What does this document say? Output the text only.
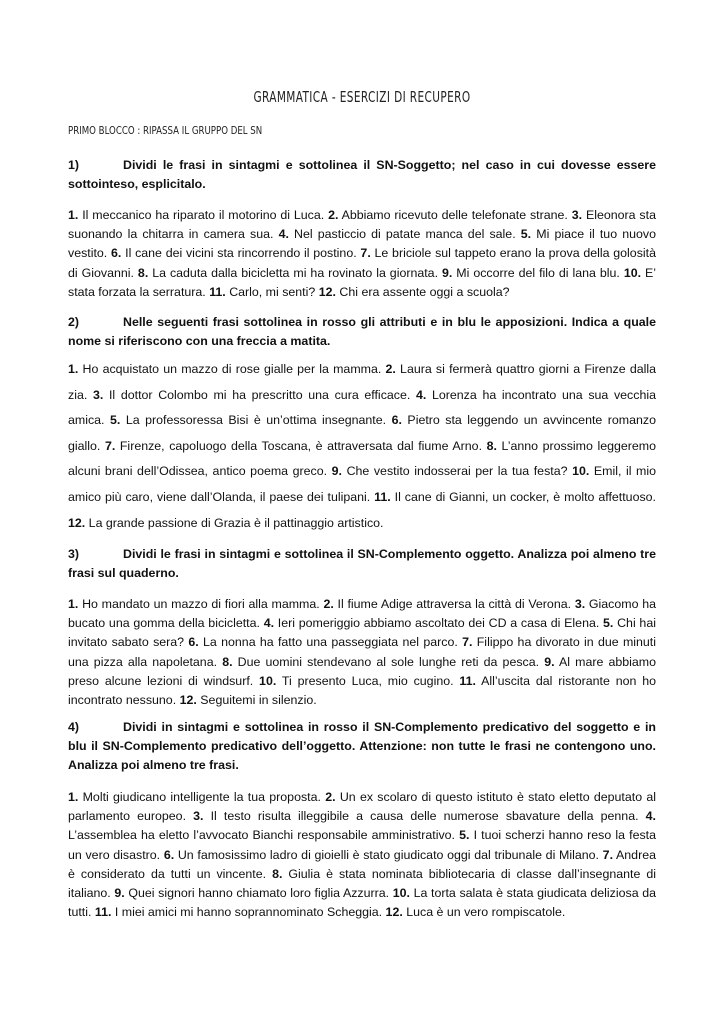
GRAMMATICA - ESERCIZI DI RECUPERO
PRIMO BLOCCO : RIPASSA IL GRUPPO DEL SN
1)	Dividi le frasi in sintagmi e sottolinea il SN-Soggetto; nel caso in cui dovesse essere sottointeso, esplicitalo.
1. Il meccanico ha riparato il motorino di Luca. 2. Abbiamo ricevuto delle telefonate strane. 3. Eleonora sta suonando la chitarra in camera sua. 4. Nel pasticcio di patate manca del sale. 5. Mi piace il tuo nuovo vestito. 6. Il cane dei vicini sta rincorrendo il postino. 7. Le briciole sul tappeto erano la prova della golosità di Giovanni. 8. La caduta dalla bicicletta mi ha rovinato la giornata. 9. Mi occorre del filo di lana blu. 10. E’ stata forzata la serratura. 11. Carlo, mi senti? 12. Chi era assente oggi a scuola?
2)	Nelle seguenti frasi sottolinea in rosso gli attributi e in blu le apposizioni. Indica a quale nome si riferiscono con una freccia a matita.
1. Ho acquistato un mazzo di rose gialle per la mamma. 2. Laura si fermerà quattro giorni a Firenze dalla zia. 3. Il dottor Colombo mi ha prescritto una cura efficace. 4. Lorenza ha incontrato una sua vecchia amica. 5. La professoressa Bisi è un’ottima insegnante. 6. Pietro sta leggendo un avvincente romanzo giallo. 7. Firenze, capoluogo della Toscana, è attraversata dal fiume Arno. 8. L’anno prossimo leggeremo alcuni brani dell’Odissea, antico poema greco. 9. Che vestito indosserai per la tua festa? 10. Emil, il mio amico più caro, viene dall’Olanda, il paese dei tulipani. 11. Il cane di Gianni, un cocker, è molto affettuoso. 12. La grande passione di Grazia è il pattinaggio artistico.
3)	Dividi le frasi in sintagmi e sottolinea il SN-Complemento oggetto. Analizza poi almeno tre frasi sul quaderno.
1. Ho mandato un mazzo di fiori alla mamma. 2. Il fiume Adige attraversa la città di Verona. 3. Giacomo ha bucato una gomma della bicicletta. 4. Ieri pomeriggio abbiamo ascoltato dei CD a casa di Elena. 5. Chi hai invitato sabato sera? 6. La nonna ha fatto una passeggiata nel parco. 7. Filippo ha divorato in due minuti una pizza alla napoletana. 8. Due uomini stendevano al sole lunghe reti da pesca. 9. Al mare abbiamo preso alcune lezioni di windsurf. 10. Ti presento Luca, mio cugino. 11. All’uscita dal ristorante non ho incontrato nessuno. 12. Seguitemi in silenzio.
4)	Dividi in sintagmi e sottolinea in rosso il SN-Complemento predicativo del soggetto e in blu il SN-Complemento predicativo dell’oggetto. Attenzione: non tutte le frasi ne contengono uno. Analizza poi almeno tre frasi.
1. Molti giudicano intelligente la tua proposta. 2. Un ex scolaro di questo istituto è stato eletto deputato al parlamento europeo. 3. Il testo risulta illeggibile a causa delle numerose sbavature della penna. 4. L’assemblea ha eletto l’avvocato Bianchi responsabile amministrativo. 5. I tuoi scherzi hanno reso la festa un vero disastro. 6. Un famosissimo ladro di gioielli è stato giudicato oggi dal tribunale di Milano. 7. Andrea è considerato da tutti un vincente. 8. Giulia è stata nominata bibliotecaria di classe dall’insegnante di italiano. 9. Quei signori hanno chiamato loro figlia Azzurra. 10. La torta salata è stata giudicata deliziosa da tutti. 11. I miei amici mi hanno soprannominato Scheggia. 12. Luca è un vero rompiscatole.
